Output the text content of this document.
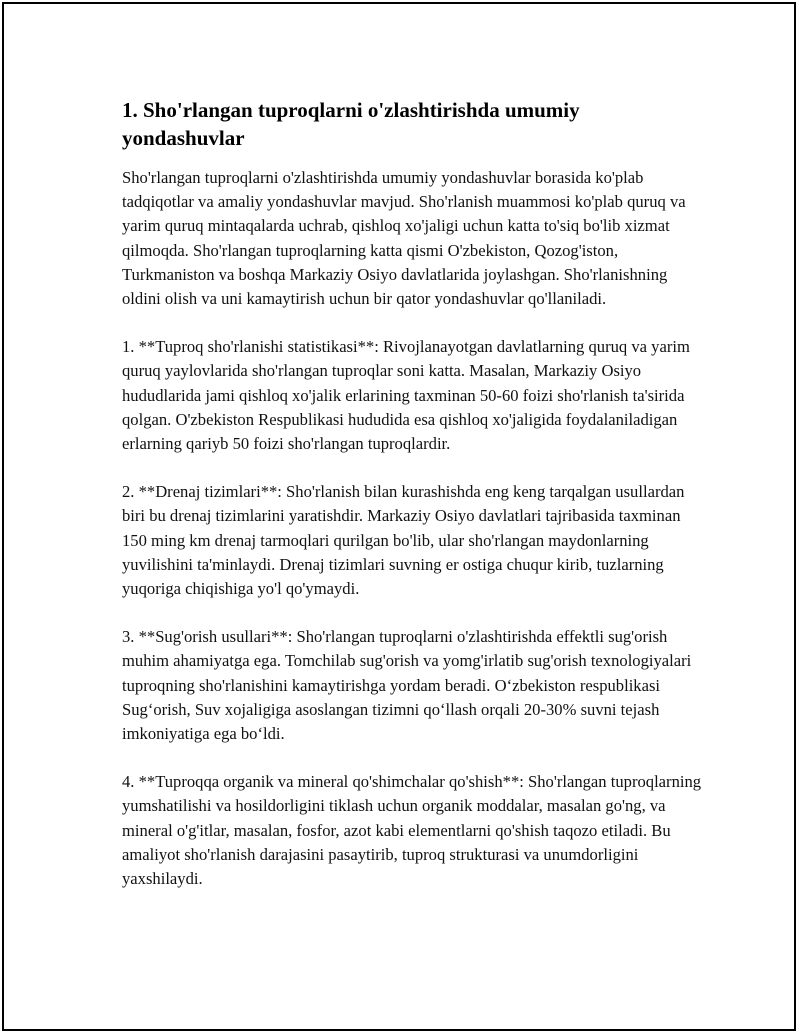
1. Sho'rlangan tuproqlarni o'zlashtirishda umumiy yondashuvlar

Sho'rlangan tuproqlarni o'zlashtirishda umumiy yondashuvlar borasida ko'plab tadqiqotlar va amaliy yondashuvlar mavjud. Sho'rlanish muammosi ko'plab quruq va yarim quruq mintaqalarda uchrab, qishloq xo'jaligi uchun katta to'siq bo'lib xizmat qilmoqda. Sho'rlangan tuproqlarning katta qismi O'zbekiston, Qozog'iston, Turkmaniston va boshqa Markaziy Osiyo davlatlarida joylashgan. Sho'rlanishning oldini olish va uni kamaytirish uchun bir qator yondashuvlar qo'llaniladi.

1. **Tuproq sho'rlanishi statistikasi**: Rivojlanayotgan davlatlarning quruq va yarim quruq yaylovlarida sho'rlangan tuproqlar soni katta. Masalan, Markaziy Osiyo hududlarida jami qishloq xo'jalik erlarining taxminan 50-60 foizi sho'rlanish ta'sirida qolgan. O'zbekiston Respublikasi hududida esa qishloq xo'jaligida foydalaniladigan erlarning qariyb 50 foizi sho'rlangan tuproqlardir.

2. **Drenaj tizimlari**: Sho'rlanish bilan kurashishda eng keng tarqalgan usullardan biri bu drenaj tizimlarini yaratishdir. Markaziy Osiyo davlatlari tajribasida taxminan 150 ming km drenaj tarmoqlari qurilgan bo'lib, ular sho'rlangan maydonlarning yuvilishini ta'minlaydi. Drenaj tizimlari suvning er ostiga chuqur kirib, tuzlarning yuqoriga chiqishiga yo'l qo'ymaydi.

3. **Sug'orish usullari**: Sho'rlangan tuproqlarni o'zlashtirishda effektli sug'orish muhim ahamiyatga ega. Tomchilab sug'orish va yomg'irlatib sug'orish texnologiyalari tuproqning sho'rlanishini kamaytirishga yordam beradi. O‘zbekiston respublikasi Sug‘orish, Suv xojaligiga asoslangan tizimni qo‘llash orqali 20-30% suvni tejash imkoniyatiga ega bo‘ldi.

4. **Tuproqqa organik va mineral qo'shimchalar qo'shish**: Sho'rlangan tuproqlarning yumshatilishi va hosildorligini tiklash uchun organik moddalar, masalan go'ng, va mineral o'g'itlar, masalan, fosfor, azot kabi elementlarni qo'shish taqozo etiladi. Bu amaliyot sho'rlanish darajasini pasaytirib, tuproq strukturasi va unumdorligini yaxshilaydi.
